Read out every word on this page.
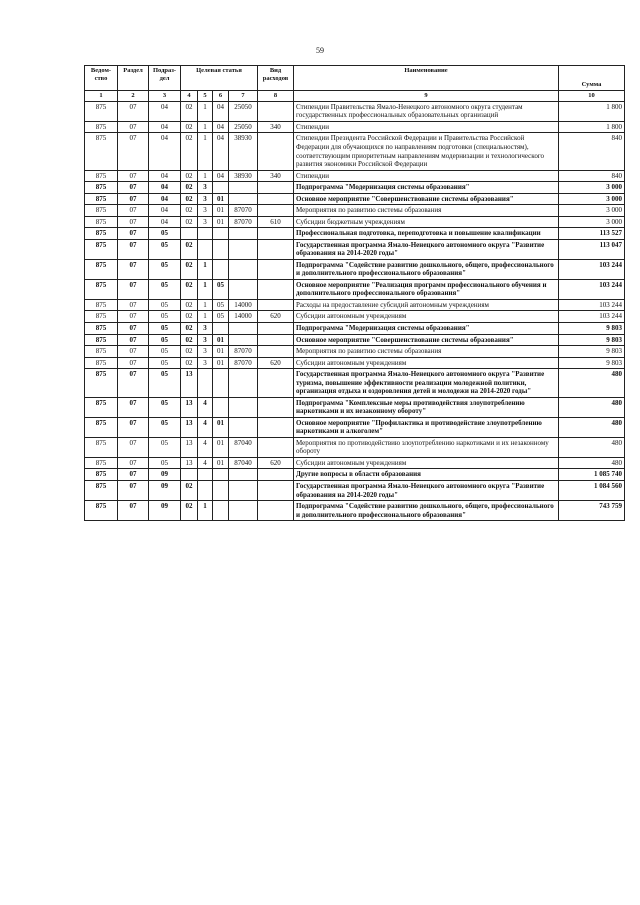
59
Ведом-ство	Раздел	Подраз-дел	Целевая статья				Вид расходов	Наименование	
									Сумма
1	2	3	4	5	6	7	8	9	10
875	07	04	02	1	04	25050		Стипендии Правительства Ямало-Ненецкого автономного округа студентам государственных профессиональных образовательных организаций	1 800
875	07	04	02	1	04	25050	340	Стипендии	1 800
875	07	04	02	1	04	38930		Стипендии Президента Российской Федерации и Правительства Российской Федерации для обучающихся по направлениям подготовки (специальностям), соответствующим приоритетным направлениям модернизации и технологического развития экономики Российской Федерации	840
875	07	04	02	1	04	38930	340	Стипендии	840
875	07	04	02	3				Подпрограмма "Модернизация системы образования"	3 000
875	07	04	02	3	01			Основное мероприятие "Совершенствование системы образования"	3 000
875	07	04	02	3	01	87070		Мероприятия по развитию системы образования	3 000
875	07	04	02	3	01	87070	610	Субсидии бюджетным учреждениям	3 000
875	07	05						Профессиональная подготовка, переподготовка и повышение квалификации	113 527
875	07	05	02					Государственная программа Ямало-Ненецкого автономного округа "Развитие образования на 2014-2020 годы"	113 047
875	07	05	02	1				Подпрограмма "Содействие развитию дошкольного, общего, профессионального и дополнительного профессионального образования"	103 244
875	07	05	02	1	05			Основное мероприятие "Реализация программ профессионального обучения и дополнительного профессионального образования"	103 244
875	07	05	02	1	05	14000		Расходы на предоставление субсидий автономным учреждениям	103 244
875	07	05	02	1	05	14000	620	Субсидии автономным учреждениям	103 244
875	07	05	02	3				Подпрограмма "Модернизация системы образования"	9 803
875	07	05	02	3	01			Основное мероприятие "Совершенствование системы образования"	9 803
875	07	05	02	3	01	87070		Мероприятия по развитию системы образования	9 803
875	07	05	02	3	01	87070	620	Субсидии автономным учреждениям	9 803
875	07	05	13					Государственная программа Ямало-Ненецкого автономного округа "Развитие туризма, повышение эффективности реализации молодежной политики, организация отдыха и оздоровления детей и молодежи на 2014-2020 годы"	480
875	07	05	13	4				Подпрограмма "Комплексные меры противодействия злоупотреблению наркотиками и их незаконному обороту"	480
875	07	05	13	4	01			Основное мероприятие "Профилактика и противодействие злоупотреблению наркотиками и алкоголем"	480
875	07	05	13	4	01	87040		Мероприятия по противодействию злоупотреблению наркотиками и их незаконному обороту	480
875	07	05	13	4	01	87040	620	Субсидии автономным учреждениям	480
875	07	09						Другие вопросы в области образования	1 085 740
875	07	09	02					Государственная программа Ямало-Ненецкого автономного округа "Развитие образования на 2014-2020 годы"	1 084 560
875	07	09	02	1				Подпрограмма "Содействие развитию дошкольного, общего, профессионального и дополнительного профессионального образования"	743 759
